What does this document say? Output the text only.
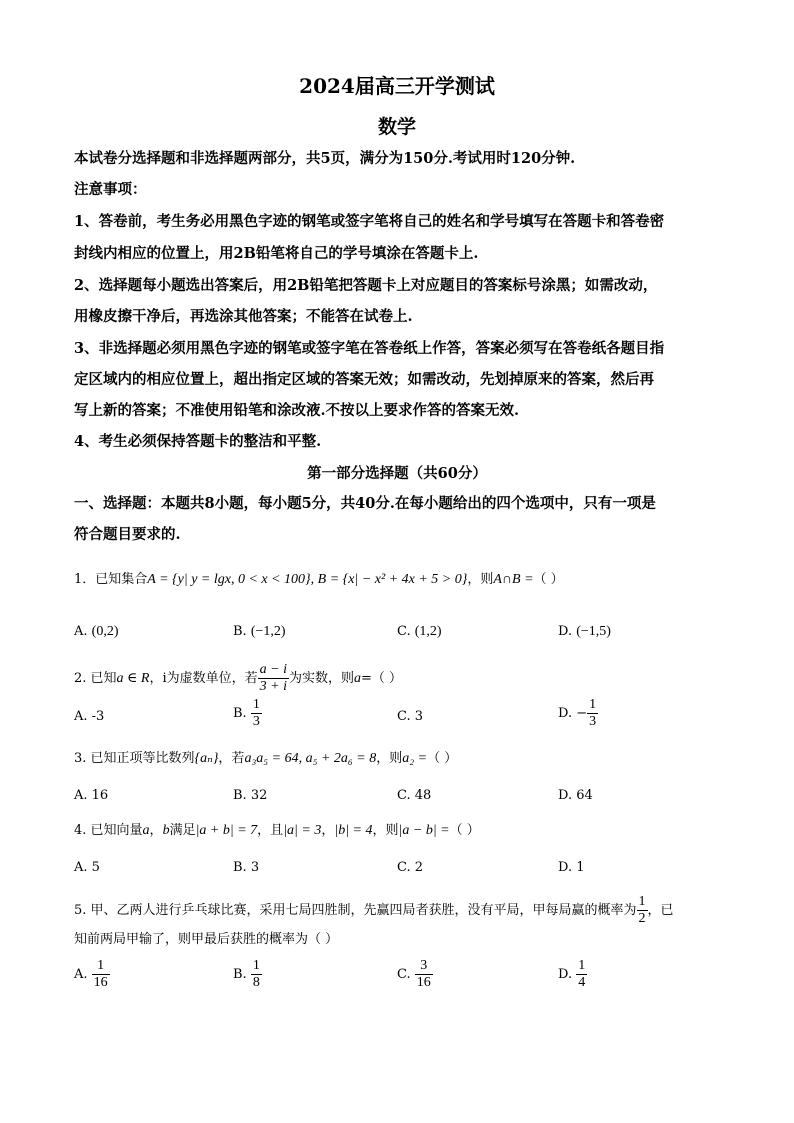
2024届高三开学测试
数学
本试卷分选择题和非选择题两部分，共5页，满分为150分.考试用时120分钟.
注意事项：
1、答卷前，考生务必用黑色字迹的钢笔或签字笔将自己的姓名和学号填写在答题卡和答卷密
封线内相应的位置上，用2B铅笔将自己的学号填涂在答题卡上.
2、选择题每小题选出答案后，用2B铅笔把答题卡上对应题目的答案标号涂黑；如需改动，
用橡皮擦干净后，再选涂其他答案；不能答在试卷上.
3、非选择题必须用黑色字迹的钢笔或签字笔在答卷纸上作答，答案必须写在答卷纸各题目指
定区域内的相应位置上，超出指定区域的答案无效；如需改动，先划掉原来的答案，然后再
写上新的答案；不准使用铅笔和涂改液.不按以上要求作答的答案无效.
4、考生必须保持答题卡的整洁和平整.
第一部分选择题（共60分）
一、选择题：本题共8小题，每小题5分，共40分.在每小题给出的四个选项中，只有一项是
符合题目要求的.
1．已知集合A = {y| y = lgx, 0 < x < 100}, B = {x| − x² + 4x + 5 > 0}，则A∩B =（ ）
A. (0,2)	B. (−1,2)	C. (1,2)	D. (−1,5)
2. 已知a ∈ R，i为虚数单位，若 $\frac{a - i}{3 + i}$ 为实数，则a=（ ）
A. -3	B. $\frac{1}{3}$	C. 3	D. − $\frac{1}{3}$
3. 已知正项等比数列{aₙ}，若a₃a₅ = 64, a₅ + 2a₆ = 8，则a₂ =（ ）
A. 16	B. 32	C. 48	D. 64
4. 已知向量a，b满足|a + b| = 7，且|a| = 3，|b| = 4，则|a − b| =（ ）
A. 5	B. 3	C. 2	D. 1
5. 甲、乙两人进行乒乓球比赛，采用七局四胜制，先赢四局者获胜，没有平局，甲每局赢的概率为 $\frac{1}{2}$ ，已
知前两局甲输了，则甲最后获胜的概率为（ ）
A. $\frac{1}{16}$	B. $\frac{1}{8}$	C. $\frac{3}{16}$	D. $\frac{1}{4}$
